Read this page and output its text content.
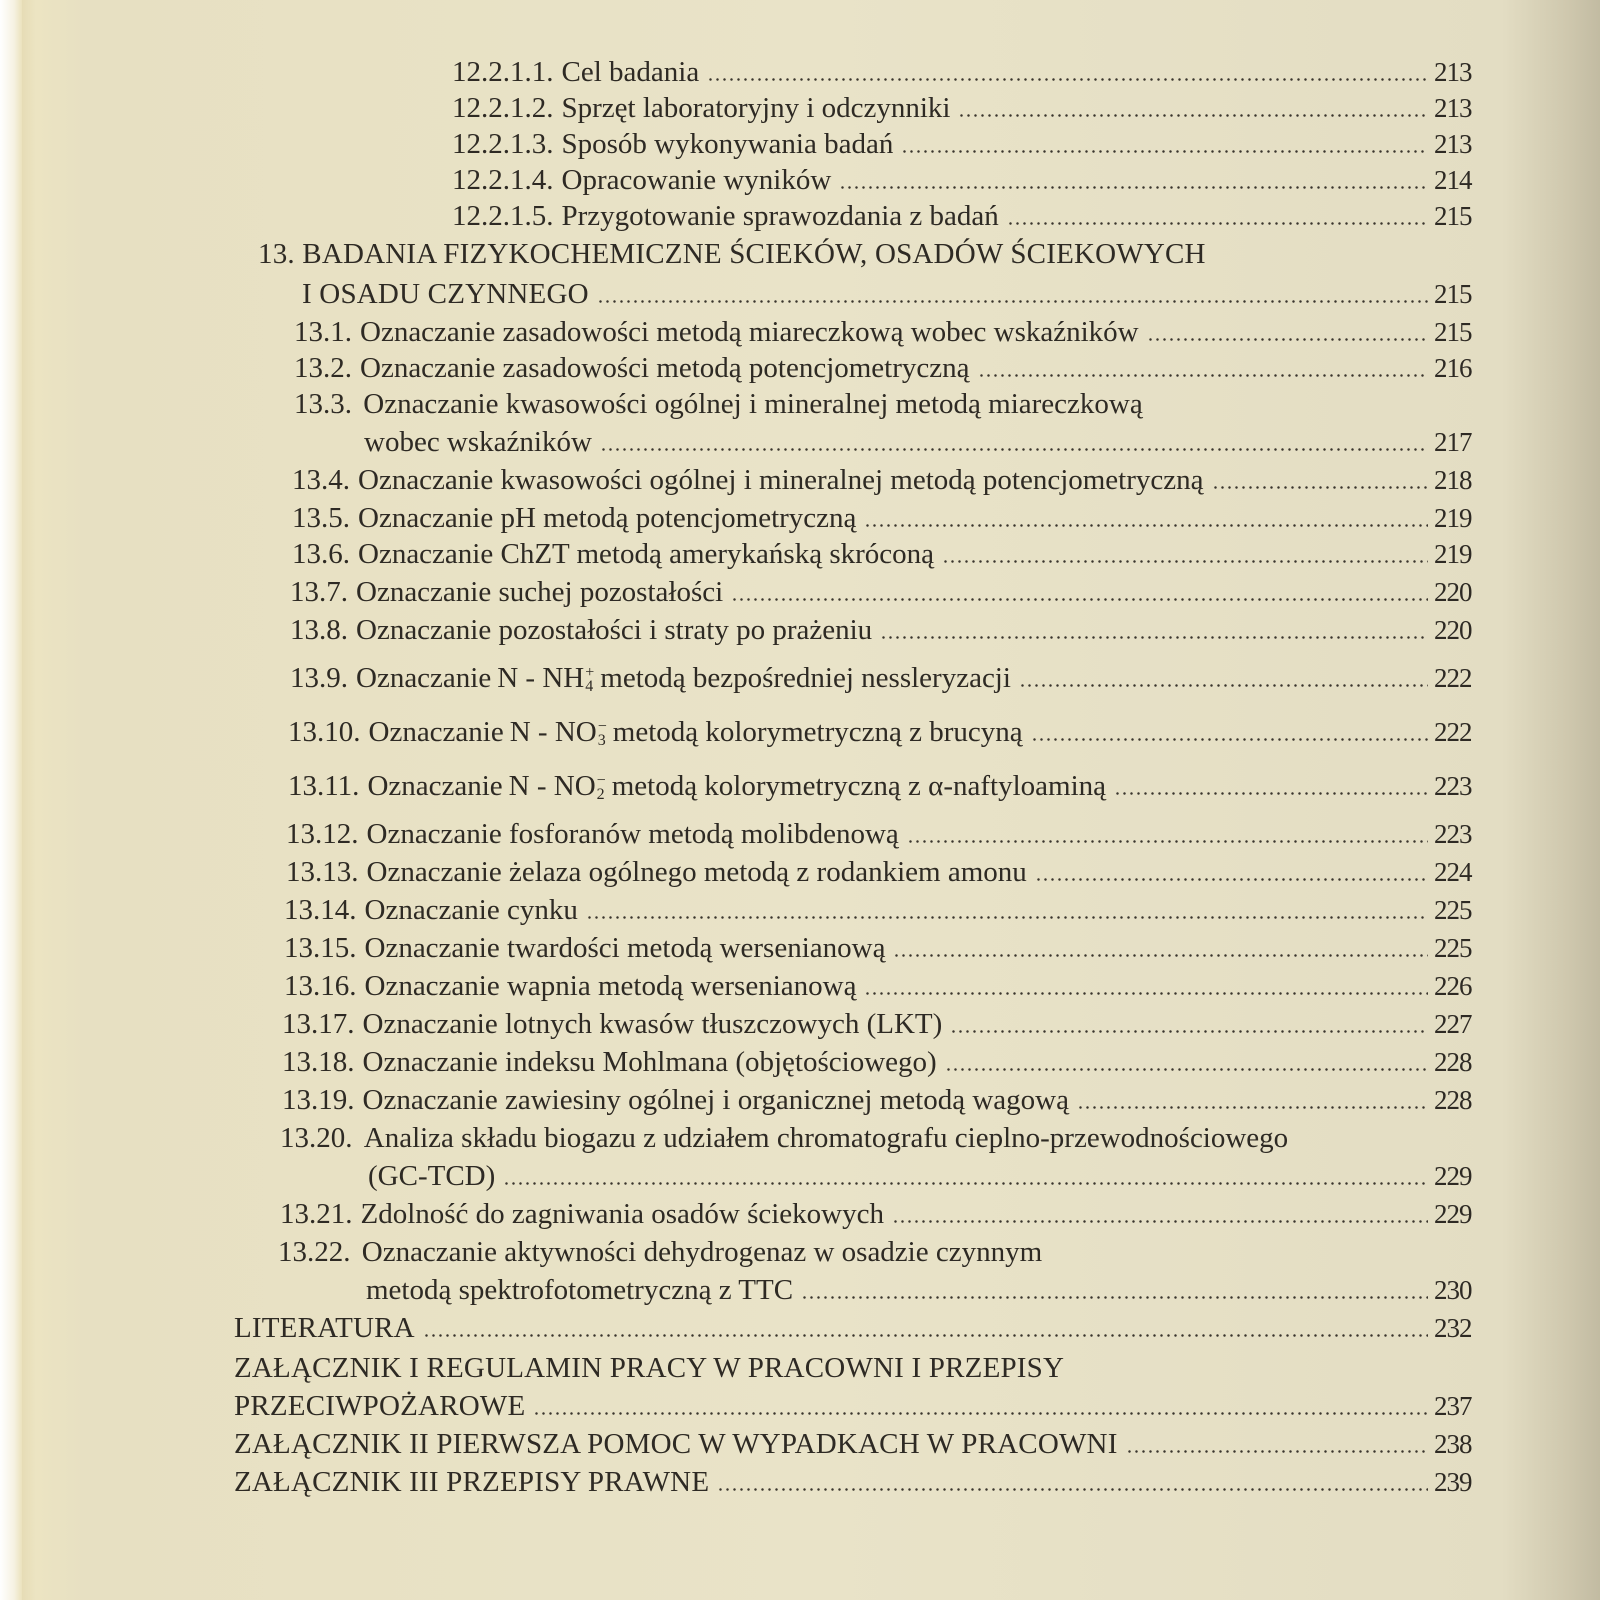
12.2.1.1. Cel badania	213
12.2.1.2. Sprzęt laboratoryjny i odczynniki	213
12.2.1.3. Sposób wykonywania badań	213
12.2.1.4. Opracowanie wyników	214
12.2.1.5. Przygotowanie sprawozdania z badań	215
13. BADANIA FIZYKOCHEMICZNE ŚCIEKÓW, OSADÓW ŚCIEKOWYCH
I OSADU CZYNNEGO	215
13.1. Oznaczanie zasadowości metodą miareczkową wobec wskaźników	215
13.2. Oznaczanie zasadowości metodą potencjometryczną	216
13.3. Oznaczanie kwasowości ogólnej i mineralnej metodą miareczkową
wobec wskaźników	217
13.4. Oznaczanie kwasowości ogólnej i mineralnej metodą potencjometryczną	218
13.5. Oznaczanie pH metodą potencjometryczną	219
13.6. Oznaczanie ChZT metodą amerykańską skróconą	219
13.7. Oznaczanie suchej pozostałości	220
13.8. Oznaczanie pozostałości i straty po prażeniu	220
13.9. Oznaczanie N - NH +
4 metodą bezpośredniej nessleryzacji	222
13.10. Oznaczanie N - NO −
3 metodą kolorymetryczną z brucyną	222
13.11. Oznaczanie N - NO −
2 metodą kolorymetryczną z α-naftyloaminą	223
13.12. Oznaczanie fosforanów metodą molibdenową	223
13.13. Oznaczanie żelaza ogólnego metodą z rodankiem amonu	224
13.14. Oznaczanie cynku	225
13.15. Oznaczanie twardości metodą wersenianową	225
13.16. Oznaczanie wapnia metodą wersenianową	226
13.17. Oznaczanie lotnych kwasów tłuszczowych (LKT)	227
13.18. Oznaczanie indeksu Mohlmana (objętościowego)	228
13.19. Oznaczanie zawiesiny ogólnej i organicznej metodą wagową	228
13.20. Analiza składu biogazu z udziałem chromatografu cieplno-przewodnościowego
(GC-TCD)	229
13.21. Zdolność do zagniwania osadów ściekowych	229
13.22. Oznaczanie aktywności dehydrogenaz w osadzie czynnym
metodą spektrofotometryczną z TTC	230
LITERATURA	232
ZAŁĄCZNIK I REGULAMIN PRACY W PRACOWNI I PRZEPISY
PRZECIWPOŻAROWE	237
ZAŁĄCZNIK II PIERWSZA POMOC W WYPADKACH W PRACOWNI	238
ZAŁĄCZNIK III PRZEPISY PRAWNE	239
